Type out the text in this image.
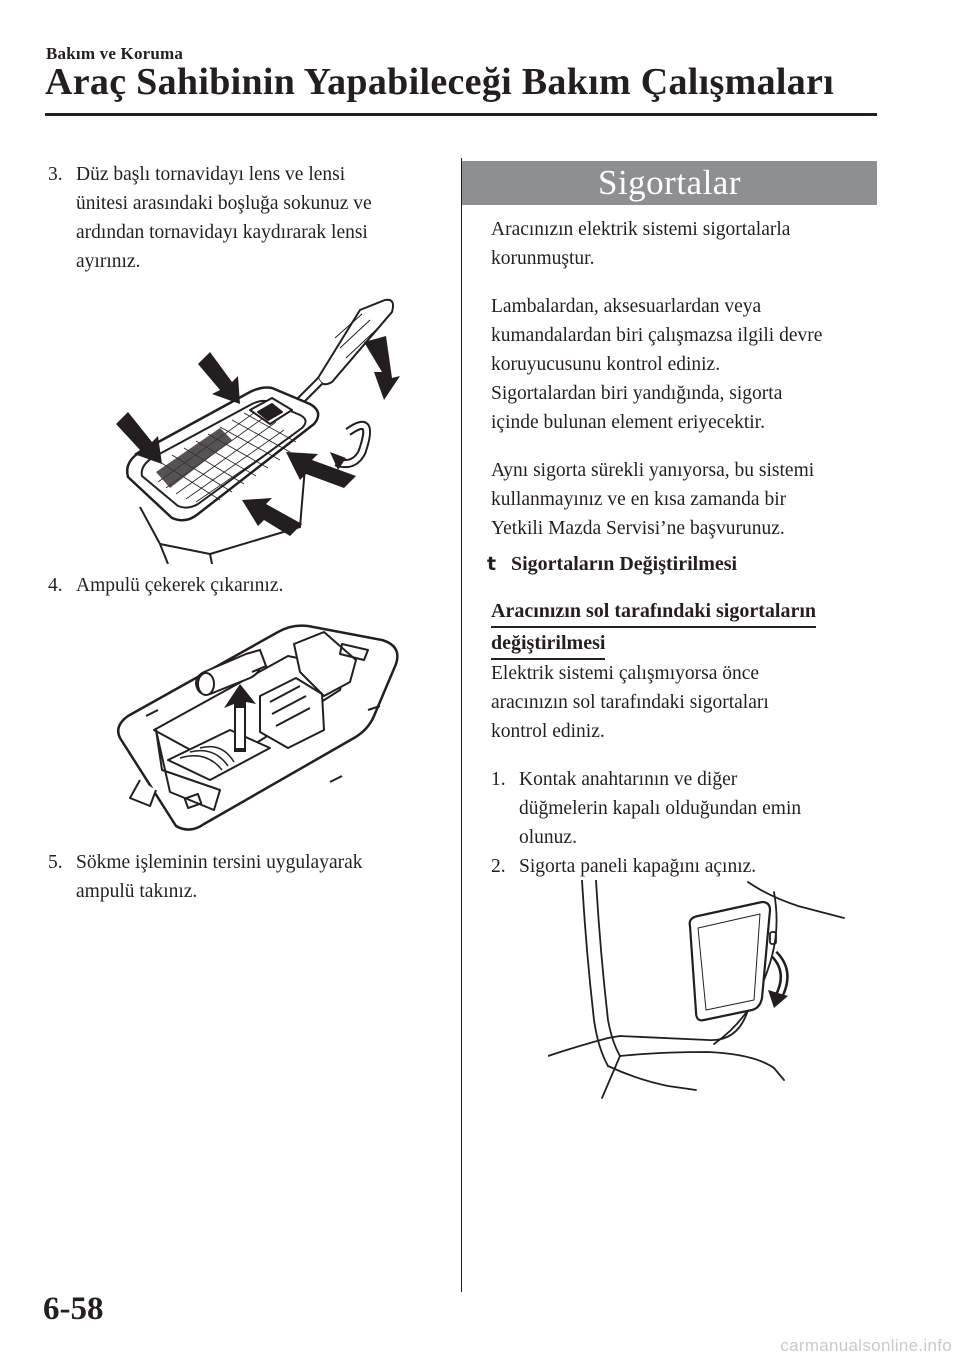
Bakım ve Koruma
Araç Sahibinin Yapabileceği Bakım Çalışmaları
3. Düz başlı tornavidayı lens ve lensi
ünitesi arasındaki boşluğa sokunuz ve
ardından tornavidayı kaydırarak lensi
ayırınız.
4. Ampulü çekerek çıkarınız.
5. Sökme işleminin tersini uygulayarak
ampulü takınız.
Sigortalar
Aracınızın elektrik sistemi sigortalarla
korunmuştur.
Lambalardan, aksesuarlardan veya
kumandalardan biri çalışmazsa ilgili devre
koruyucusunu kontrol ediniz.
Sigortalardan biri yandığında, sigorta
içinde bulunan element eriyecektir.
Aynı sigorta sürekli yanıyorsa, bu sistemi
kullanmayınız ve en kısa zamanda bir
Yetkili Mazda Servisi’ne başvurunuz.
t Sigortaların Değiştirilmesi
Aracınızın sol tarafındaki sigortaların
değiştirilmesi
Elektrik sistemi çalışmıyorsa önce
aracınızın sol tarafındaki sigortaları
kontrol ediniz.
1. Kontak anahtarının ve diğer
düğmelerin kapalı olduğundan emin
olunuz.
2. Sigorta paneli kapağını açınız.
6-58
carmanualsonline.info
